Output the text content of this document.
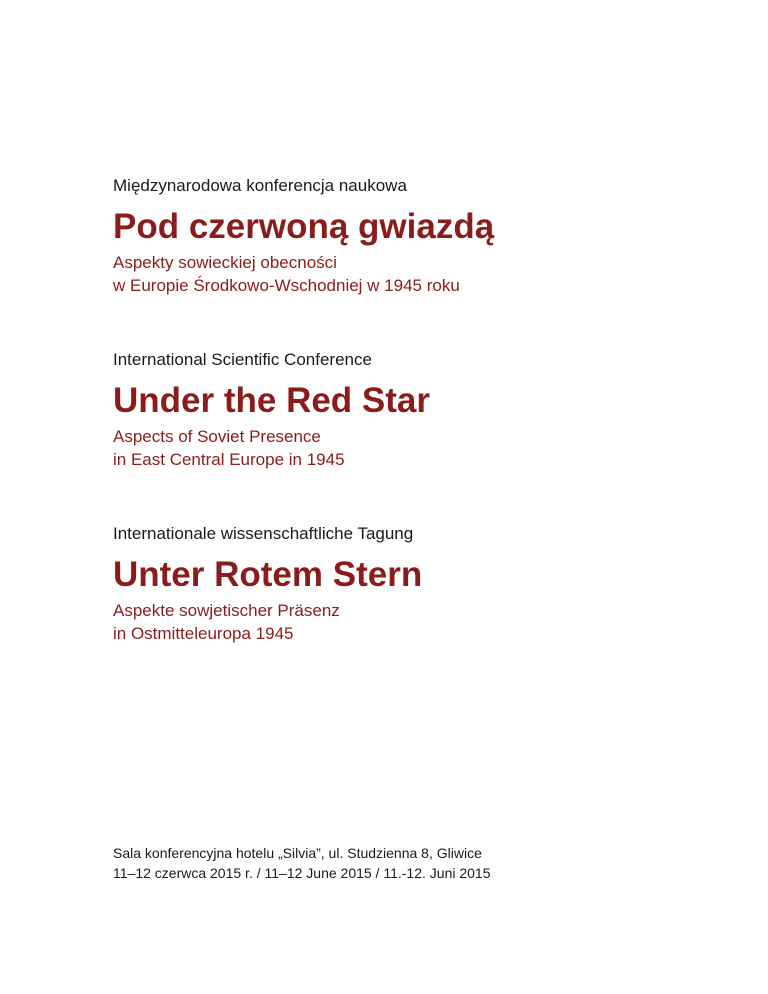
Międzynarodowa konferencja naukowa

Pod czerwoną gwiazdą

Aspekty sowieckiej obecności
w Europie Środkowo-Wschodniej w 1945 roku

International Scientific Conference

Under the Red Star

Aspects of Soviet Presence
in East Central Europe in 1945

Internationale wissenschaftliche Tagung

Unter Rotem Stern

Aspekte sowjetischer Präsenz
in Ostmitteleuropa 1945

Sala konferencyjna hotelu „Silvia”, ul. Studzienna 8, Gliwice
11–12 czerwca 2015 r. / 11–12 June 2015 / 11.-12. Juni 2015
